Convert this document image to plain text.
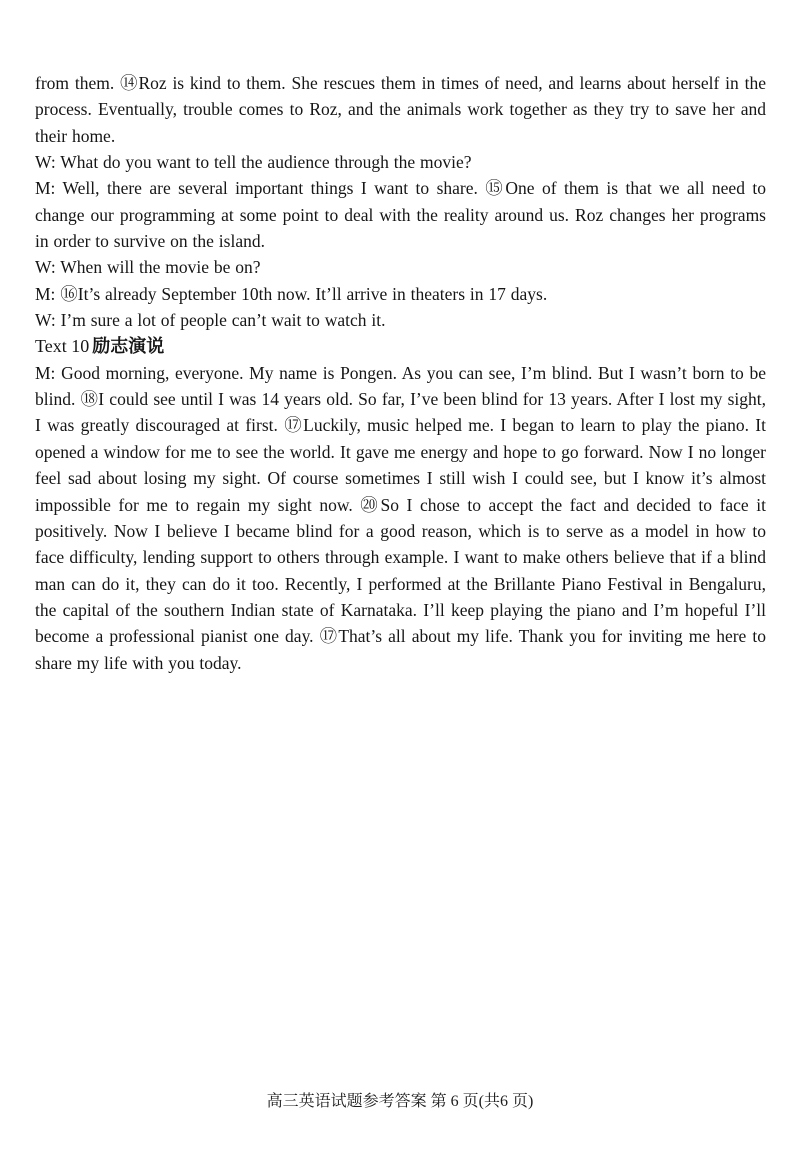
from them. ⑭Roz is kind to them. She rescues them in times of need, and learns about herself in the process. Eventually, trouble comes to Roz, and the animals work together as they try to save her and their home.

W: What do you want to tell the audience through the movie?

M: Well, there are several important things I want to share. ⑮One of them is that we all need to change our programming at some point to deal with the reality around us. Roz changes her programs in order to survive on the island.

W: When will the movie be on?

M: ⑯It’s already September 10th now. It’ll arrive in theaters in 17 days.

W: I’m sure a lot of people can’t wait to watch it.

Text 10 励志演说

M: Good morning, everyone. My name is Pongen. As you can see, I’m blind. But I wasn’t born to be blind. ⑱I could see until I was 14 years old. So far, I’ve been blind for 13 years. After I lost my sight, I was greatly discouraged at first. ⑰Luckily, music helped me. I began to learn to play the piano. It opened a window for me to see the world. It gave me energy and hope to go forward. Now I no longer feel sad about losing my sight. Of course sometimes I still wish I could see, but I know it’s almost impossible for me to regain my sight now. ⑳So I chose to accept the fact and decided to face it positively. Now I believe I became blind for a good reason, which is to serve as a model in how to face difficulty, lending support to others through example. I want to make others believe that if a blind man can do it, they can do it too. Recently, I performed at the Brillante Piano Festival in Bengaluru, the capital of the southern Indian state of Karnataka. I’ll keep playing the piano and I’m hopeful I’ll become a professional pianist one day. ⑰That’s all about my life. Thank you for inviting me here to share my life with you today.

高三英语试题参考答案 第 6 页(共6 页)
